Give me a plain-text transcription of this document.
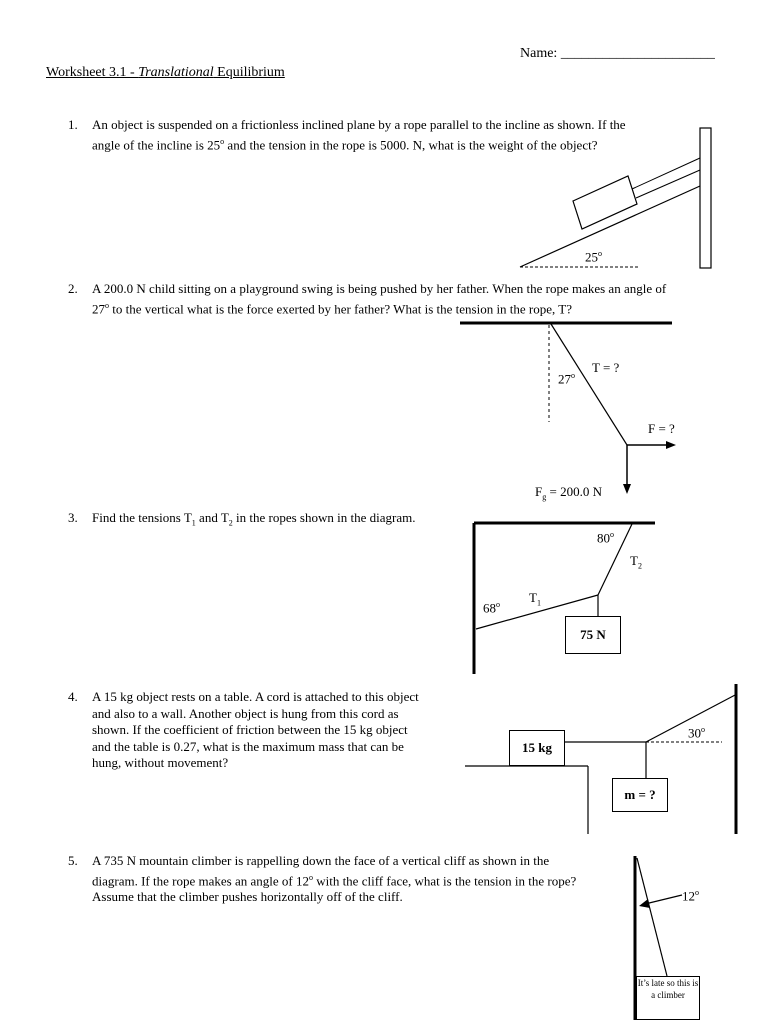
Name: ______________________
Worksheet 3.1 - Translational Equilibrium
1. An object is suspended on a frictionless inclined plane by a rope parallel to the incline as shown. If the
angle of the incline is 25$^o$ and the tension in the rope is 5000. N, what is the weight of the object?
25$^o$
2. A 200.0 N child sitting on a playground swing is being pushed by her father. When the rope makes an angle of
27$^o$ to the vertical what is the force exerted by her father? What is the tension in the rope, T?
27$^o$
T = ?
F = ?
$F_g = 200.0$ N
3. Find the tensions $T_1$ and $T_2$ in the ropes shown in the diagram.
80$^o$
$T_2$
$T_1$
68$^o$
75 N
4. A 15 kg object rests on a table. A cord is attached to this object
and also to a wall. Another object is hung from this cord as
shown. If the coefficient of friction between the 15 kg object
and the table is 0.27, what is the maximum mass that can be
hung, without movement?
15 kg
30$^o$
m = ?
5. A 735 N mountain climber is rappelling down the face of a vertical cliff as shown in the
diagram. If the rope makes an angle of 12$^o$ with the cliff face, what is the tension in the rope?
Assume that the climber pushes horizontally off of the cliff.	12$^o$
It’s late so this is a climber
